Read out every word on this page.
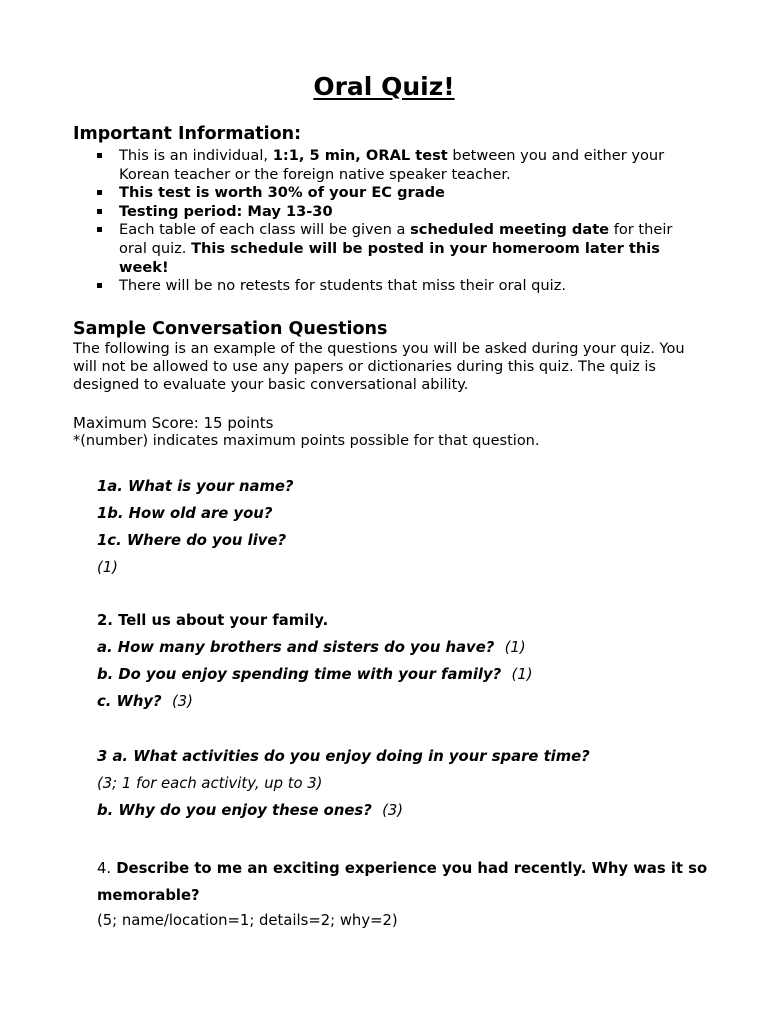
Oral Quiz!
Important Information:
This is an individual, 1:1, 5 min, ORAL test between you and either your Korean teacher or the foreign native speaker teacher.
This test is worth 30% of your EC grade
Testing period: May 13-30
Each table of each class will be given a scheduled meeting date for their oral quiz. This schedule will be posted in your homeroom later this week!
There will be no retests for students that miss their oral quiz.
Sample Conversation Questions
The following is an example of the questions you will be asked during your quiz. You will not be allowed to use any papers or dictionaries during this quiz. The quiz is designed to evaluate your basic conversational ability.
Maximum Score: 15 points
*(number) indicates maximum points possible for that question.
1a. What is your name?
1b. How old are you?
1c. Where do you live?
(1)
2. Tell us about your family.
a. How many brothers and sisters do you have? (1)
b. Do you enjoy spending time with your family? (1)
c. Why? (3)
3 a. What activities do you enjoy doing in your spare time?
(3; 1 for each activity, up to 3)
b. Why do you enjoy these ones? (3)
4. Describe to me an exciting experience you had recently. Why was it so memorable?
(5; name/location=1; details=2; why=2)
